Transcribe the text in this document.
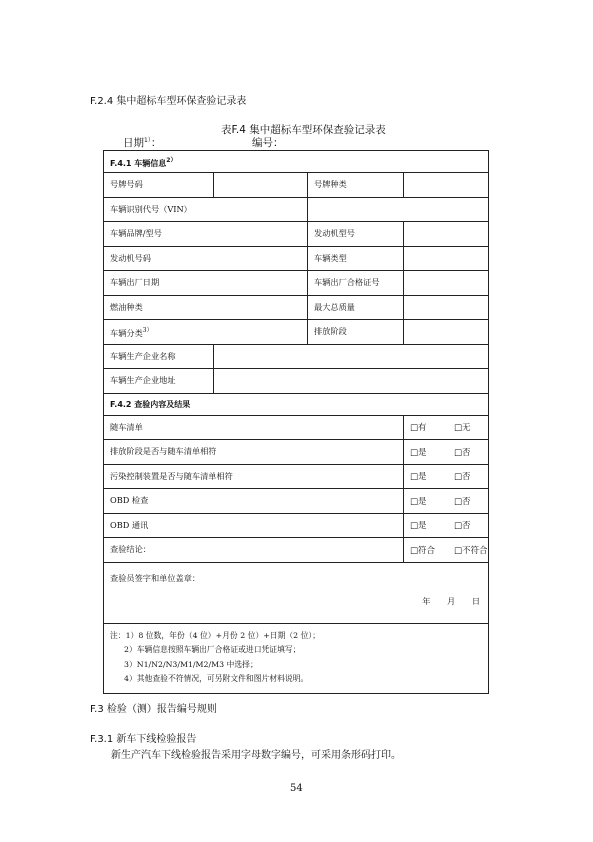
F.2.4 集中超标车型环保查验记录表
表F.4 集中超标车型环保查验记录表
日期$^{1)}$：	编号：
F.4.1 车辆信息$^{2)}$
号牌号码		号牌种类	
车辆识别代号（VIN）			
车辆品牌/型号		发动机型号	
发动机号码		车辆类型	
车辆出厂日期		车辆出厂合格证号	
燃油种类		最大总质量	
车辆分类$^{3)}$		排放阶段	
车辆生产企业名称			
车辆生产企业地址			
F.4.2 查验内容及结果			
随车清单			□有 □无
排放阶段是否与随车清单相符			□是 □否
污染控制装置是否与随车清单相符			□是 □否
OBD 检查			□是 □否
OBD 通讯			□是 □否
查验结论：			□符合 □不符合

查验员签字和单位盖章：
年 月 日			

注：1）8 位数，年份（4 位）+月份 2 位）+日期（2 位）；
2）车辆信息按照车辆出厂合格证或进口凭证填写；
3）N1/N2/N3/M1/M2/M3 中选择；
4）其他查验不符情况，可另附文件和图片材料说明。			
F.3 检验（测）报告编号规则
F.3.1 新车下线检验报告
新生产汽车下线检验报告采用字母数字编号，可采用条形码打印。
54
